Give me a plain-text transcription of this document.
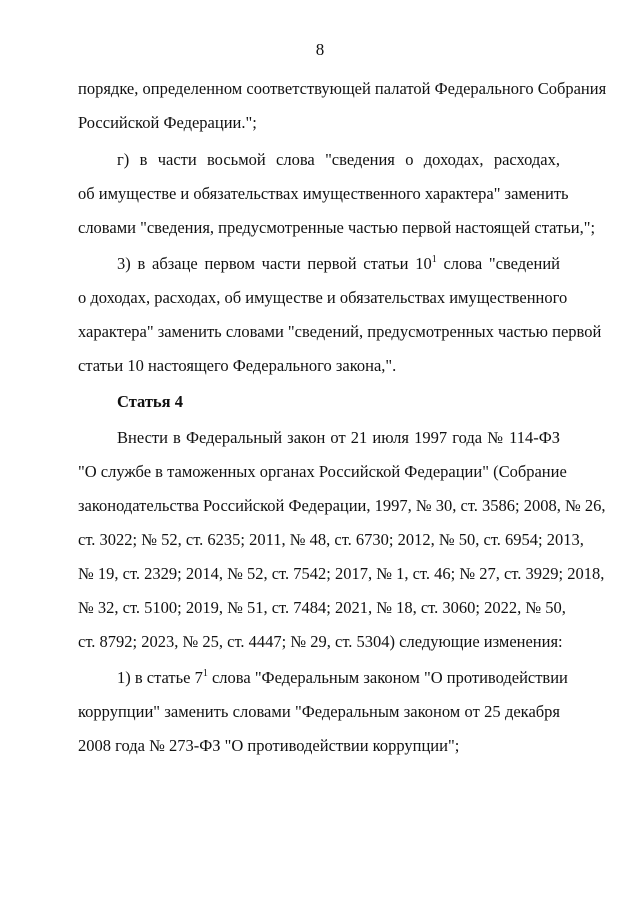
8
порядке, определенном соответствующей палатой Федерального Собрания
Российской Федерации.";
г) в части восьмой слова "сведения о доходах, расходах,
об имуществе и обязательствах имущественного характера" заменить
словами "сведения, предусмотренные частью первой настоящей статьи,";
3) в абзаце первом части первой статьи $10^1$ слова "сведений
о доходах, расходах, об имуществе и обязательствах имущественного
характера" заменить словами "сведений, предусмотренных частью первой
статьи 10 настоящего Федерального закона,".
Статья 4
Внести в Федеральный закон от 21 июля 1997 года № 114-ФЗ
"О службе в таможенных органах Российской Федерации" (Собрание
законодательства Российской Федерации, 1997, № 30, ст. 3586; 2008, № 26,
ст. 3022; № 52, ст. 6235; 2011, № 48, ст. 6730; 2012, № 50, ст. 6954; 2013,
№ 19, ст. 2329; 2014, № 52, ст. 7542; 2017, № 1, ст. 46; № 27, ст. 3929; 2018,
№ 32, ст. 5100; 2019, № 51, ст. 7484; 2021, № 18, ст. 3060; 2022, № 50,
ст. 8792; 2023, № 25, ст. 4447; № 29, ст. 5304) следующие изменения:
1) в статье $7^1$ слова "Федеральным законом "О противодействии
коррупции" заменить словами "Федеральным законом от 25 декабря
2008 года № 273-ФЗ "О противодействии коррупции";
